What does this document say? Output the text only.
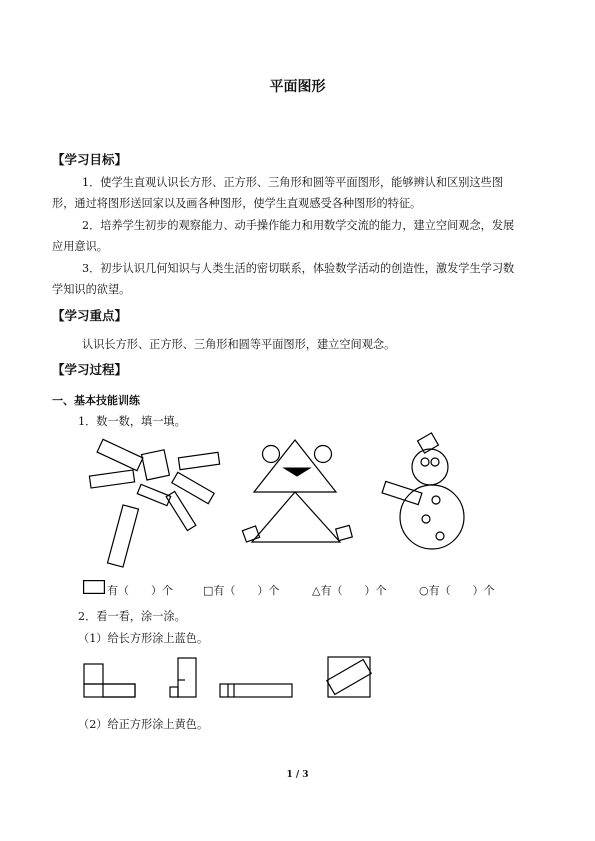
平面图形
【学习目标】
1．使学生直观认识长方形、正方形、三角形和圆等平面图形，能够辨认和区别这些图
形，通过将图形送回家以及画各种图形，使学生直观感受各种图形的特征。
2．培养学生初步的观察能力、动手操作能力和用数学交流的能力，建立空间观念，发展
应用意识。
3．初步认识几何知识与人类生活的密切联系，体验数学活动的创造性，激发学生学习数
学知识的欲望。
【学习重点】
认识长方形、正方形、三角形和圆等平面图形，建立空间观念。
【学习过程】
一、基本技能训练
1．数一数，填一填。
有（　　）个	□有（　　）个	△有（　　）个	○有（　　）个
2．看一看，涂一涂。
（1）给长方形涂上蓝色。
（2）给正方形涂上黄色。
1 / 3
